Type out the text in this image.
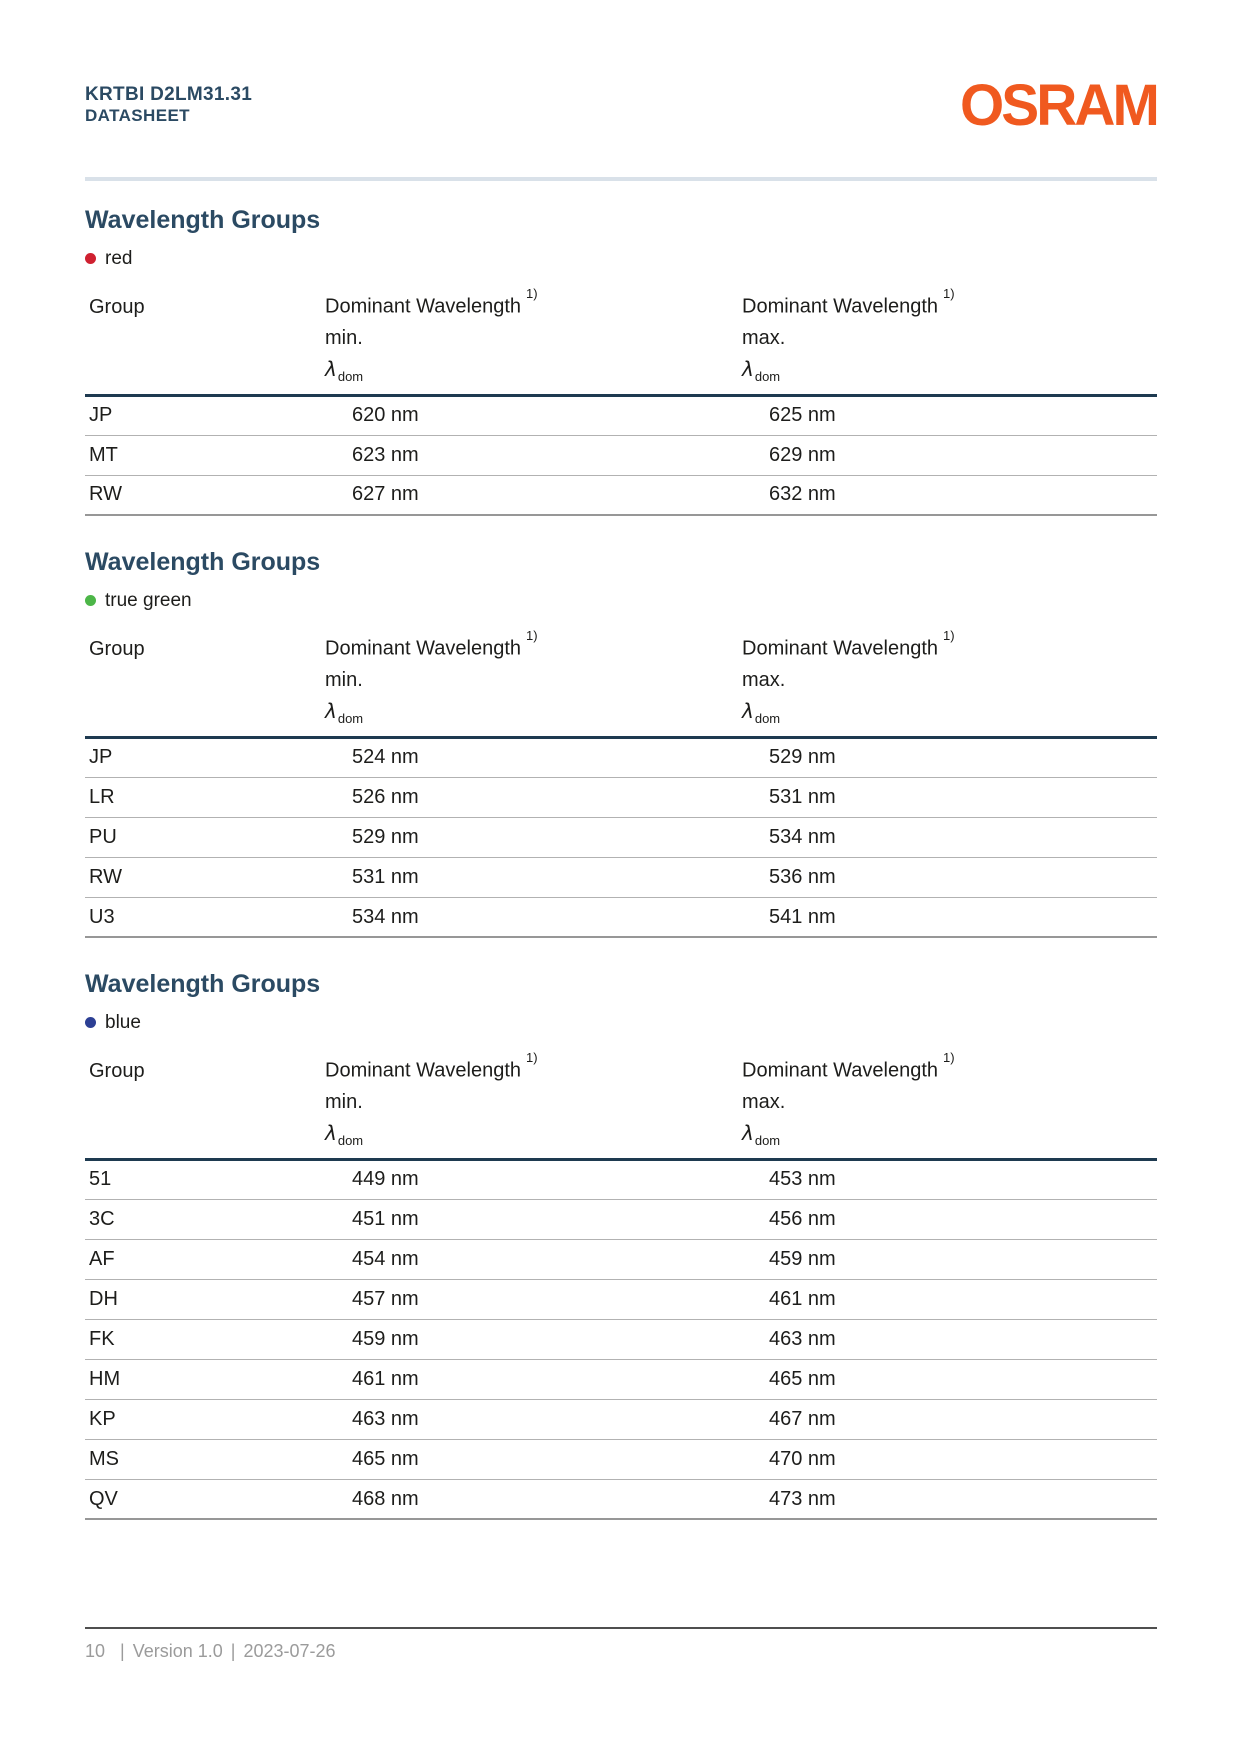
KRTBI D2LM31.31
DATASHEET	OSRAM
Wavelength Groups
red
Group	Dominant Wavelength$^{1)}$	Dominant Wavelength$^{1)}$
	min.	max.
	$\lambda_{dom}$	$\lambda_{dom}$
JP	620 nm	625 nm
MT	623 nm	629 nm
RW	627 nm	632 nm
Wavelength Groups
true green
Group	Dominant Wavelength$^{1)}$	Dominant Wavelength$^{1)}$
	min.	max.
	$\lambda_{dom}$	$\lambda_{dom}$
JP	524 nm	529 nm
LR	526 nm	531 nm
PU	529 nm	534 nm
RW	531 nm	536 nm
U3	534 nm	541 nm
Wavelength Groups
blue
Group	Dominant Wavelength$^{1)}$	Dominant Wavelength$^{1)}$
	min.	max.
	$\lambda_{dom}$	$\lambda_{dom}$
51	449 nm	453 nm
3C	451 nm	456 nm
AF	454 nm	459 nm
DH	457 nm	461 nm
FK	459 nm	463 nm
HM	461 nm	465 nm
KP	463 nm	467 nm
MS	465 nm	470 nm
QV	468 nm	473 nm
10 | Version 1.0 | 2023-07-26
